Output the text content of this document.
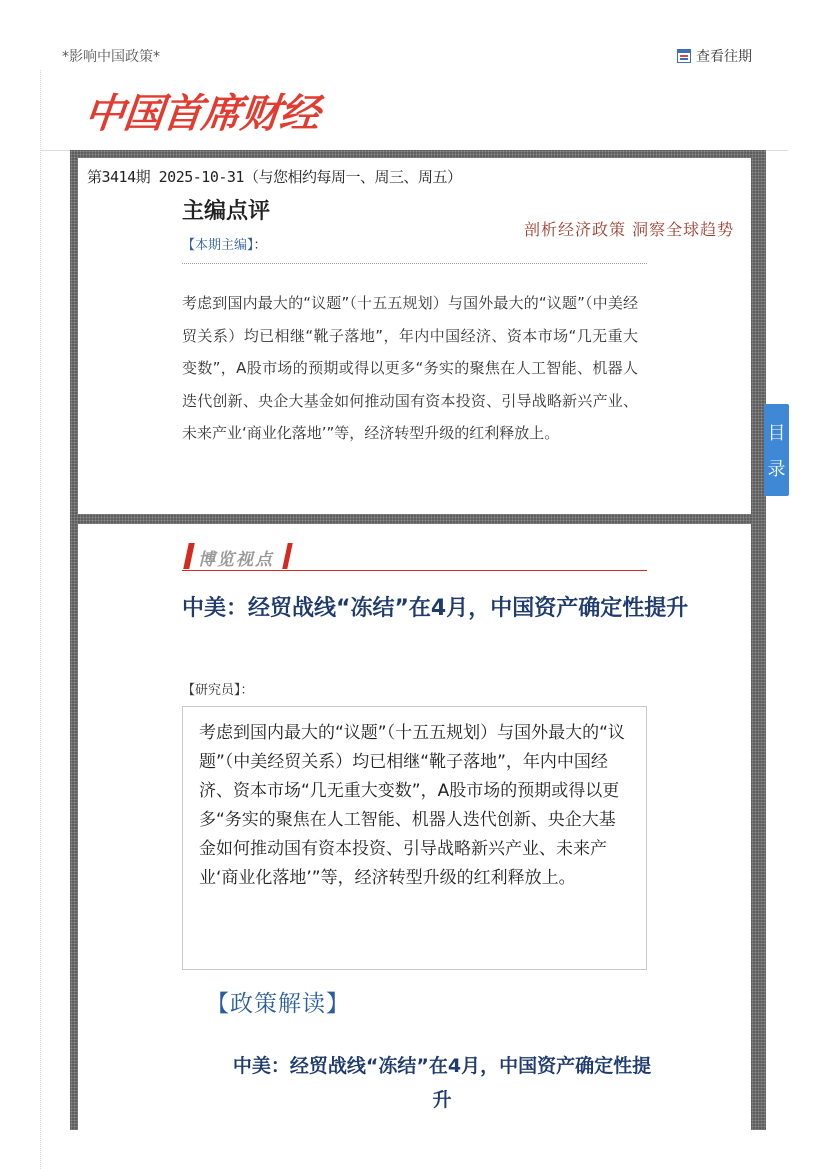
*影响中国政策*	查看往期
中国首席财经
第3414期 2025-10-31（与您相约每周一、周三、周五）
主编点评
剖析经济政策 洞察全球趋势
【本期主编】：
考虑到国内最大的“议题”（十五五规划）与国外最大的“议题”（中美经贸关系）均已相继“靴子落地”，年内中国经济、资本市场“几无重大变数”，A股市场的预期或得以更多“务实的聚焦在人工智能、机器人迭代创新、央企大基金如何推动国有资本投资、引导战略新兴产业、未来产业‘商业化落地’”等，经济转型升级的红利释放上。	目
录
博览视点
中美：经贸战线“冻结”在4月，中国资产确定性提升
【研究员】：
考虑到国内最大的“议题”（十五五规划）与国外最大的“议题”（中美经贸关系）均已相继“靴子落地”，年内中国经济、资本市场“几无重大变数”，A股市场的预期或得以更多“务实的聚焦在人工智能、机器人迭代创新、央企大基金如何推动国有资本投资、引导战略新兴产业、未来产业‘商业化落地’”等，经济转型升级的红利释放上。
【政策解读】
中美：经贸战线“冻结”在4月，中国资产确定性提升
